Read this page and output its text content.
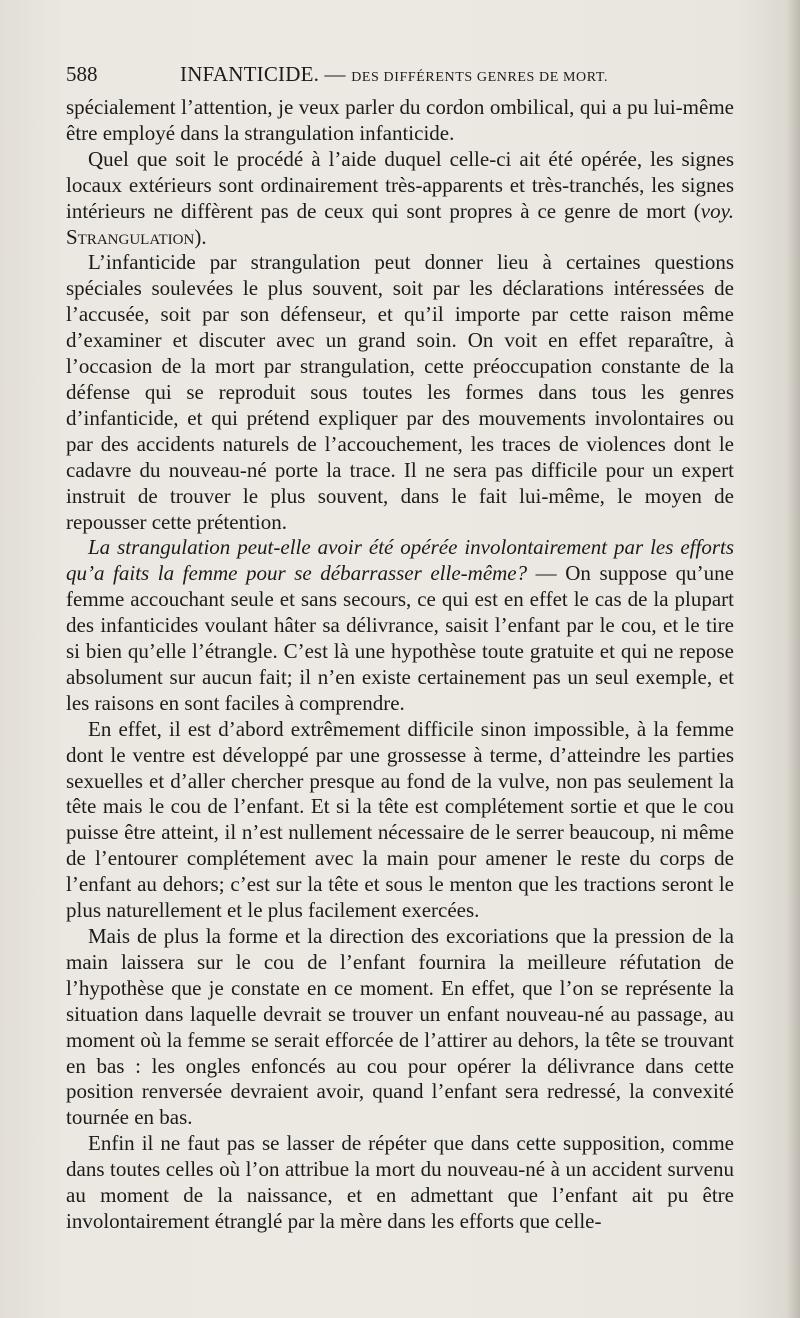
588	INFANTICIDE. — DES DIFFÉRENTS GENRES DE MORT.

spécialement l’attention, je veux parler du cordon ombilical, qui a pu lui-même être employé dans la strangulation infanticide.

Quel que soit le procédé à l’aide duquel celle-ci ait été opérée, les signes locaux extérieurs sont ordinairement très-apparents et très-tranchés, les signes intérieurs ne diffèrent pas de ceux qui sont propres à ce genre de mort (voy. Strangulation).

L’infanticide par strangulation peut donner lieu à certaines questions spéciales soulevées le plus souvent, soit par les déclarations intéressées de l’accusée, soit par son défenseur, et qu’il importe par cette raison même d’examiner et discuter avec un grand soin. On voit en effet reparaître, à l’occasion de la mort par strangulation, cette préoccupation constante de la défense qui se reproduit sous toutes les formes dans tous les genres d’infanticide, et qui prétend expliquer par des mouvements involontaires ou par des accidents naturels de l’accouchement, les traces de violences dont le cadavre du nouveau-né porte la trace. Il ne sera pas difficile pour un expert instruit de trouver le plus souvent, dans le fait lui-même, le moyen de repousser cette prétention.

La strangulation peut-elle avoir été opérée involontairement par les efforts qu’a faits la femme pour se débarrasser elle-même? — On suppose qu’une femme accouchant seule et sans secours, ce qui est en effet le cas de la plupart des infanticides voulant hâter sa délivrance, saisit l’enfant par le cou, et le tire si bien qu’elle l’étrangle. C’est là une hypothèse toute gratuite et qui ne repose absolument sur aucun fait; il n’en existe certainement pas un seul exemple, et les raisons en sont faciles à comprendre.

En effet, il est d’abord extrêmement difficile sinon impossible, à la femme dont le ventre est développé par une grossesse à terme, d’atteindre les parties sexuelles et d’aller chercher presque au fond de la vulve, non pas seulement la tête mais le cou de l’enfant. Et si la tête est complétement sortie et que le cou puisse être atteint, il n’est nullement nécessaire de le serrer beaucoup, ni même de l’entourer complétement avec la main pour amener le reste du corps de l’enfant au dehors; c’est sur la tête et sous le menton que les tractions seront le plus naturellement et le plus facilement exercées.

Mais de plus la forme et la direction des excoriations que la pression de la main laissera sur le cou de l’enfant fournira la meilleure réfutation de l’hypothèse que je constate en ce moment. En effet, que l’on se représente la situation dans laquelle devrait se trouver un enfant nouveau-né au passage, au moment où la femme se serait efforcée de l’attirer au dehors, la tête se trouvant en bas : les ongles enfoncés au cou pour opérer la délivrance dans cette position renversée devraient avoir, quand l’enfant sera redressé, la convexité tournée en bas.

Enfin il ne faut pas se lasser de répéter que dans cette supposition, comme dans toutes celles où l’on attribue la mort du nouveau-né à un accident survenu au moment de la naissance, et en admettant que l’enfant ait pu être involontairement étranglé par la mère dans les efforts que celle-
